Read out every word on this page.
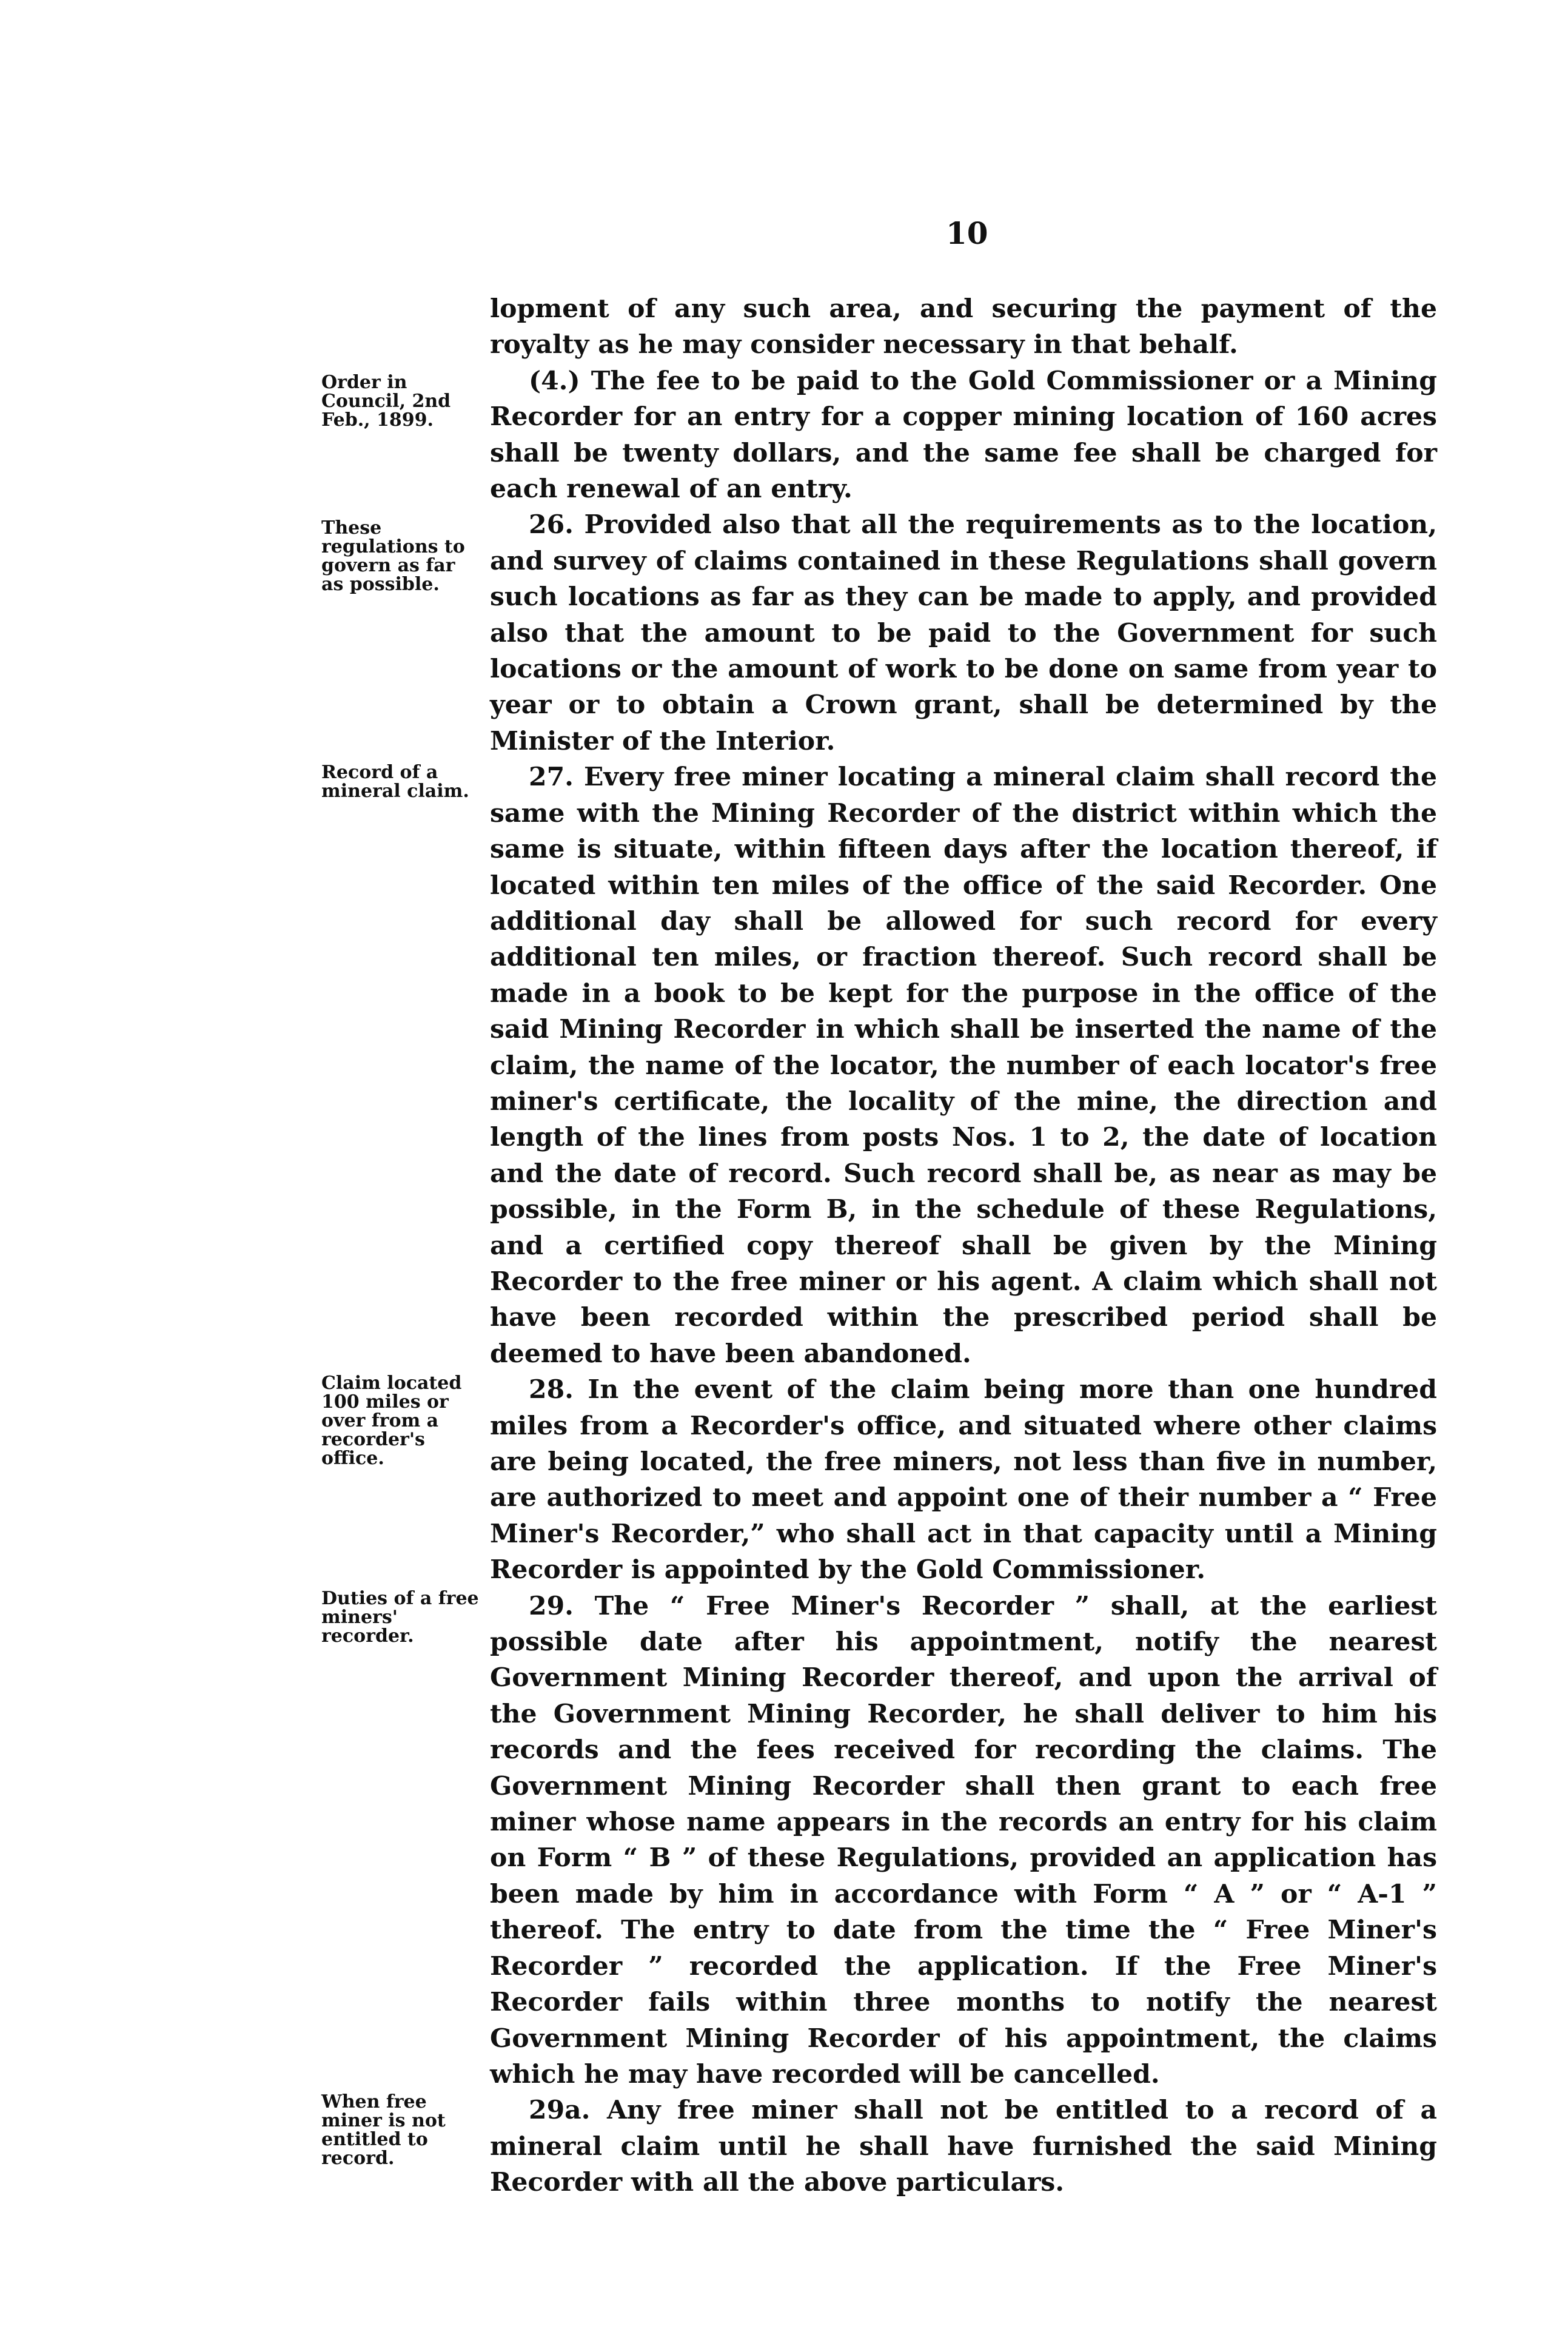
10
Order in Council, 2nd Feb., 1899.
These regulations to govern as far as possible.
Record of a mineral claim.
Claim located 100 miles or over from a recorder's office.
Duties of a free miners' recorder.
When free miner is not entitled to record.

lopment of any such area, and securing the payment of the royalty as he may consider necessary in that behalf.

(4.) The fee to be paid to the Gold Commissioner or a Mining Recorder for an entry for a copper mining location of 160 acres shall be twenty dollars, and the same fee shall be charged for each renewal of an entry.

26. Provided also that all the requirements as to the location, and survey of claims contained in these Regulations shall govern such locations as far as they can be made to apply, and provided also that the amount to be paid to the Government for such locations or the amount of work to be done on same from year to year or to obtain a Crown grant, shall be determined by the Minister of the Interior.

27. Every free miner locating a mineral claim shall record the same with the Mining Recorder of the district within which the same is situate, within fifteen days after the location thereof, if located within ten miles of the office of the said Recorder. One additional day shall be allowed for such record for every additional ten miles, or fraction thereof. Such record shall be made in a book to be kept for the purpose in the office of the said Mining Recorder in which shall be inserted the name of the claim, the name of the locator, the number of each locator's free miner's certificate, the locality of the mine, the direction and length of the lines from posts Nos. 1 to 2, the date of location and the date of record. Such record shall be, as near as may be possible, in the Form B, in the schedule of these Regulations, and a certified copy thereof shall be given by the Mining Recorder to the free miner or his agent. A claim which shall not have been recorded within the prescribed period shall be deemed to have been abandoned.

28. In the event of the claim being more than one hundred miles from a Recorder's office, and situated where other claims are being located, the free miners, not less than five in number, are authorized to meet and appoint one of their number a “ Free Miner's Recorder,” who shall act in that capacity until a Mining Recorder is appointed by the Gold Commissioner.

29. The “ Free Miner's Recorder ” shall, at the earliest possible date after his appointment, notify the nearest Government Mining Recorder thereof, and upon the arrival of the Government Mining Recorder, he shall deliver to him his records and the fees received for recording the claims. The Government Mining Recorder shall then grant to each free miner whose name appears in the records an entry for his claim on Form “ B ” of these Regulations, provided an application has been made by him in accordance with Form “ A ” or “ A-1 ” thereof. The entry to date from the time the “ Free Miner's Recorder ” recorded the application. If the Free Miner's Recorder fails within three months to notify the nearest Government Mining Recorder of his appointment, the claims which he may have recorded will be cancelled.

29a. Any free miner shall not be entitled to a record of a mineral claim until he shall have furnished the said Mining Recorder with all the above particulars.
